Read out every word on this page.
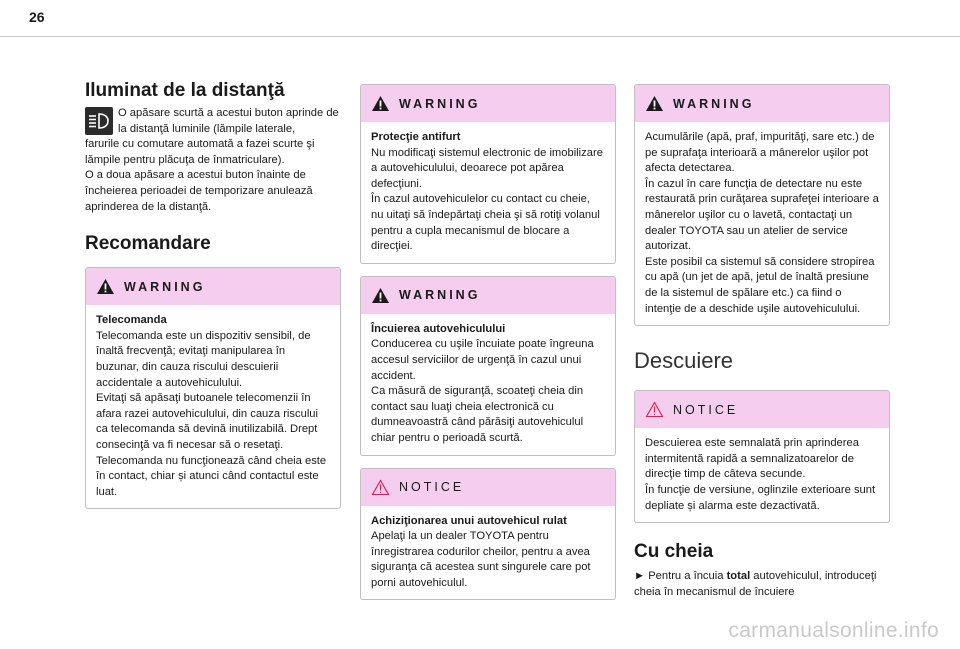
26
Iluminat de la distanţă
O apăsare scurtă a acestui buton aprinde de la distanţă luminile (lămpile laterale,
farurile cu comutare automată a fazei scurte şi lămpile pentru plăcuţa de înmatriculare).
O a doua apăsare a acestui buton înainte de încheierea perioadei de temporizare anulează aprinderea de la distanţă.
Recomandare
WARNING
Telecomanda
Telecomanda este un dispozitiv sensibil, de înaltă frecvenţă; evitaţi manipularea în buzunar, din cauza riscului descuierii accidentale a autovehiculului.
Evitaţi să apăsaţi butoanele telecomenzii în afara razei autovehiculului, din cauza riscului ca telecomanda să devină inutilizabilă. Drept consecinţă va fi necesar să o resetaţi.
Telecomanda nu funcţionează când cheia este în contact, chiar și atunci când contactul este luat.
WARNING
Protecţie antifurt
Nu modificaţi sistemul electronic de imobilizare a autovehiculului, deoarece pot apărea defecţiuni.
În cazul autovehiculelor cu contact cu cheie, nu uitaţi să îndepărtaţi cheia şi să rotiţi volanul pentru a cupla mecanismul de blocare a direcţiei.
WARNING
Încuierea autovehiculului
Conducerea cu uşile încuiate poate îngreuna accesul serviciilor de urgenţă în cazul unui accident.
Ca măsură de siguranţă, scoateţi cheia din contact sau luaţi cheia electronică cu dumneavoastră când părăsiţi autovehiculul chiar pentru o perioadă scurtă.
NOTICE
Achiziţionarea unui autovehicul rulat
Apelaţi la un dealer TOYOTA pentru înregistrarea codurilor cheilor, pentru a avea siguranţa că acestea sunt singurele care pot porni autovehiculul.
WARNING
Acumulările (apă, praf, impurităţi, sare etc.) de pe suprafaţa interioară a mânerelor uşilor pot afecta detectarea.
În cazul în care funcţia de detectare nu este restaurată prin curăţarea suprafeţei interioare a mânerelor uşilor cu o lavetă, contactaţi un dealer TOYOTA sau un atelier de service autorizat.
Este posibil ca sistemul să considere stropirea cu apă (un jet de apă, jetul de înaltă presiune de la sistemul de spălare etc.) ca fiind o intenţie de a deschide uşile autovehiculului.
Descuiere
NOTICE
Descuierea este semnalată prin aprinderea intermitentă rapidă a semnalizatoarelor de direcţie timp de câteva secunde.
În funcţie de versiune, oglinzile exterioare sunt depliate și alarma este dezactivată.
Cu cheia
► Pentru a încuia total autovehiculul, introduceţi cheia în mecanismul de încuiere
carmanualsonline.info
